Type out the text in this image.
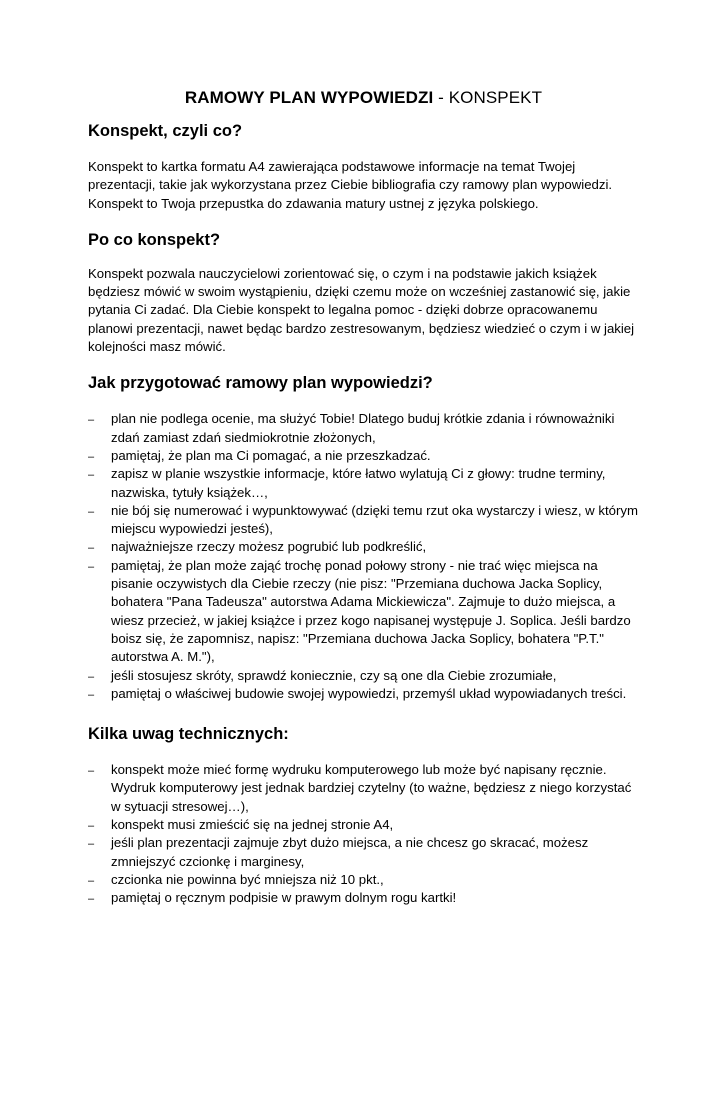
RAMOWY PLAN WYPOWIEDZI - KONSPEKT
Konspekt, czyli co?

Konspekt to kartka formatu A4 zawierająca podstawowe informacje na temat Twojej prezentacji, takie jak wykorzystana przez Ciebie bibliografia czy ramowy plan wypowiedzi. Konspekt to Twoja przepustka do zdawania matury ustnej z języka polskiego.

Po co konspekt?

Konspekt pozwala nauczycielowi zorientować się, o czym i na podstawie jakich książek będziesz mówić w swoim wystąpieniu, dzięki czemu może on wcześniej zastanowić się, jakie pytania Ci zadać. Dla Ciebie konspekt to legalna pomoc - dzięki dobrze opracowanemu planowi prezentacji, nawet będąc bardzo zestresowanym, będziesz wiedzieć o czym i w jakiej kolejności masz mówić.

Jak przygotować ramowy plan wypowiedzi?
– plan nie podlega ocenie, ma służyć Tobie! Dlatego buduj krótkie zdania i równoważniki zdań zamiast zdań siedmiokrotnie złożonych,
– pamiętaj, że plan ma Ci pomagać, a nie przeszkadzać.
– zapisz w planie wszystkie informacje, które łatwo wylatują Ci z głowy: trudne terminy, nazwiska, tytuły książek…,
– nie bój się numerować i wypunktowywać (dzięki temu rzut oka wystarczy i wiesz, w którym miejscu wypowiedzi jesteś),
– najważniejsze rzeczy możesz pogrubić lub podkreślić,
– pamiętaj, że plan może zająć trochę ponad połowy strony - nie trać więc miejsca na pisanie oczywistych dla Ciebie rzeczy (nie pisz: "Przemiana duchowa Jacka Soplicy, bohatera "Pana Tadeusza" autorstwa Adama Mickiewicza". Zajmuje to dużo miejsca, a wiesz przecież, w jakiej książce i przez kogo napisanej występuje J. Soplica. Jeśli bardzo boisz się, że zapomnisz, napisz: "Przemiana duchowa Jacka Soplicy, bohatera "P.T." autorstwa A. M."),
– jeśli stosujesz skróty, sprawdź koniecznie, czy są one dla Ciebie zrozumiałe,
– pamiętaj o właściwej budowie swojej wypowiedzi, przemyśl układ wypowiadanych treści.
Kilka uwag technicznych:
– konspekt może mieć formę wydruku komputerowego lub może być napisany ręcznie. Wydruk komputerowy jest jednak bardziej czytelny (to ważne, będziesz z niego korzystać w sytuacji stresowej…),
– konspekt musi zmieścić się na jednej stronie A4,
– jeśli plan prezentacji zajmuje zbyt dużo miejsca, a nie chcesz go skracać, możesz zmniejszyć czcionkę i marginesy,
– czcionka nie powinna być mniejsza niż 10 pkt.,
– pamiętaj o ręcznym podpisie w prawym dolnym rogu kartki!
